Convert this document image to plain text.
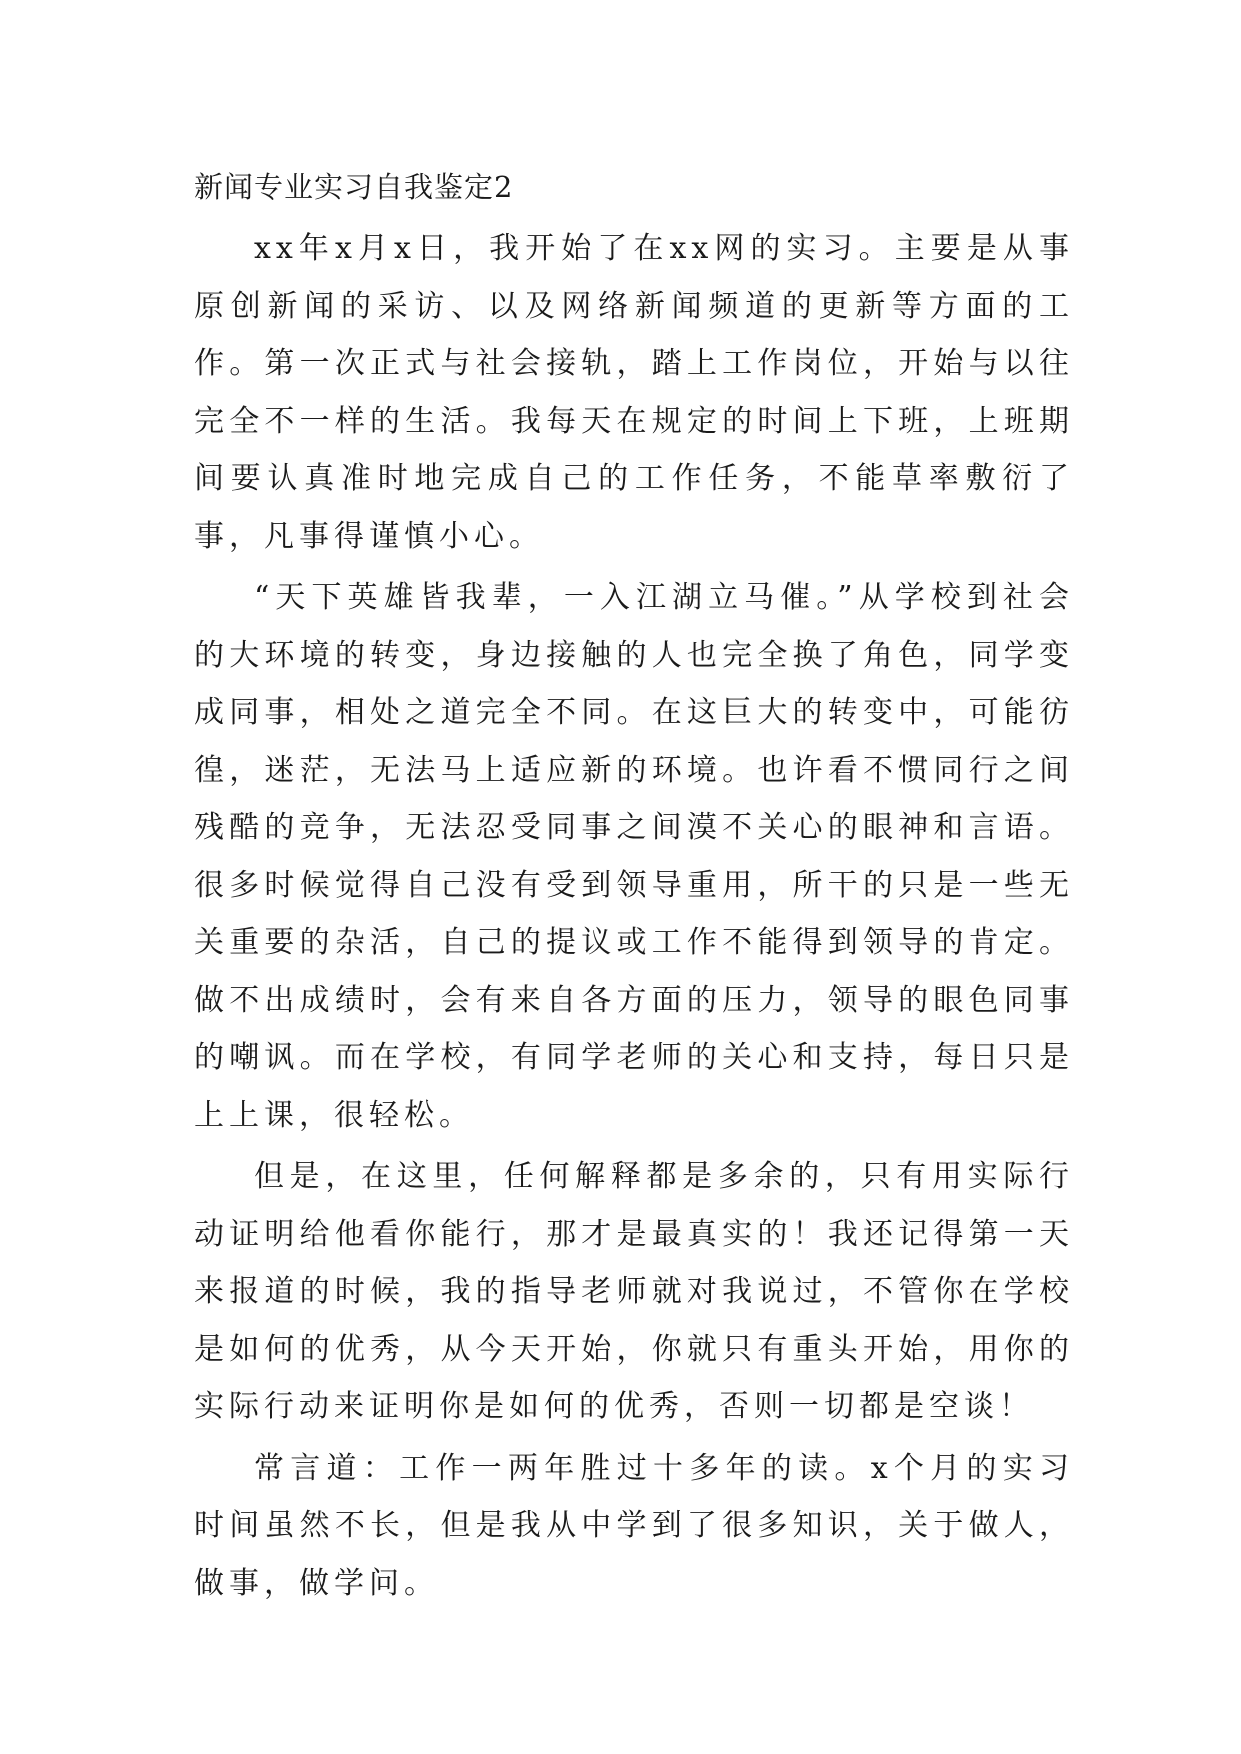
新闻专业实习自我鉴定2

xx年x月x日，我开始了在xx网的实习。主要是从事原创新闻的采访、以及网络新闻频道的更新等方面的工作。第一次正式与社会接轨，踏上工作岗位，开始与以往完全不一样的生活。我每天在规定的时间上下班，上班期间要认真准时地完成自己的工作任务，不能草率敷衍了事，凡事得谨慎小心。

“天下英雄皆我辈，一入江湖立马催。”从学校到社会的大环境的转变，身边接触的人也完全换了角色，同学变成同事，相处之道完全不同。在这巨大的转变中，可能彷徨，迷茫，无法马上适应新的环境。也许看不惯同行之间残酷的竞争，无法忍受同事之间漠不关心的眼神和言语。很多时候觉得自己没有受到领导重用，所干的只是一些无关重要的杂活，自己的提议或工作不能得到领导的肯定。做不出成绩时，会有来自各方面的压力，领导的眼色同事的嘲讽。而在学校，有同学老师的关心和支持，每日只是上上课，很轻松。

但是，在这里，任何解释都是多余的，只有用实际行动证明给他看你能行，那才是最真实的！我还记得第一天来报道的时候，我的指导老师就对我说过，不管你在学校是如何的优秀，从今天开始，你就只有重头开始，用你的实际行动来证明你是如何的优秀，否则一切都是空谈！

常言道：工作一两年胜过十多年的读。x个月的实习时间虽然不长，但是我从中学到了很多知识，关于做人，做事，做学问。
